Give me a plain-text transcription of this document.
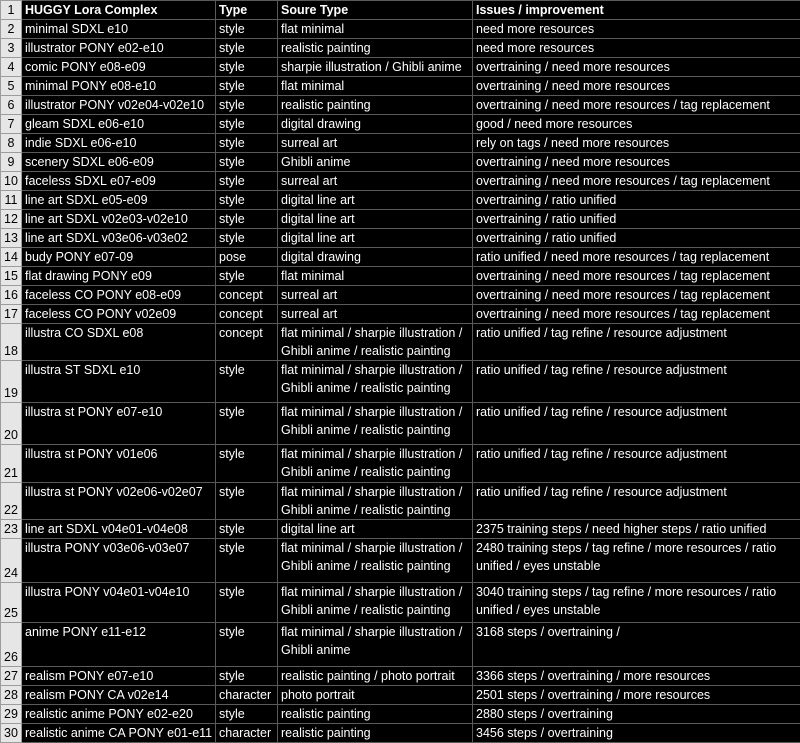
1	HUGGY Lora Complex	Type	Soure Type	Issues / improvement
2	minimal SDXL e10	style	flat minimal	need more resources
3	illustrator PONY e02-e10	style	realistic painting	need more resources
4	comic PONY e08-e09	style	sharpie illustration / Ghibli anime	overtraining / need more resources
5	minimal PONY e08-e10	style	flat minimal	overtraining / need more resources
6	illustrator PONY v02e04-v02e10	style	realistic painting	overtraining / need more resources / tag replacement
7	gleam SDXL e06-e10	style	digital drawing	good / need more resources
8	indie SDXL e06-e10	style	surreal art	rely on tags / need more resources
9	scenery SDXL e06-e09	style	Ghibli anime	overtraining / need more resources
10	faceless SDXL e07-e09	style	surreal art	overtraining / need more resources / tag replacement
11	line art SDXL e05-e09	style	digital line art	overtraining / ratio unified
12	line art SDXL v02e03-v02e10	style	digital line art	overtraining / ratio unified
13	line art SDXL v03e06-v03e02	style	digital line art	overtraining / ratio unified
14	budy PONY e07-09	pose	digital drawing	ratio unified / need more resources / tag replacement
15	flat drawing PONY e09	style	flat minimal	overtraining / need more resources / tag replacement
16	faceless CO PONY e08-e09	concept	surreal art	overtraining / need more resources / tag replacement
17	faceless CO PONY v02e09	concept	surreal art	overtraining / need more resources / tag replacement
18	illustra CO SDXL e08	concept	flat minimal / sharpie illustration / Ghibli anime / realistic painting	ratio unified / tag refine / resource adjustment
19	illustra ST SDXL e10	style	flat minimal / sharpie illustration / Ghibli anime / realistic painting	ratio unified / tag refine / resource adjustment
20	illustra st PONY e07-e10	style	flat minimal / sharpie illustration / Ghibli anime / realistic painting	ratio unified / tag refine / resource adjustment
21	illustra st PONY v01e06	style	flat minimal / sharpie illustration / Ghibli anime / realistic painting	ratio unified / tag refine / resource adjustment
22	illustra st PONY v02e06-v02e07	style	flat minimal / sharpie illustration / Ghibli anime / realistic painting	ratio unified / tag refine / resource adjustment
23	line art SDXL v04e01-v04e08	style	digital line art	2375 training steps / need higher steps / ratio unified
24	illustra PONY v03e06-v03e07	style	flat minimal / sharpie illustration / Ghibli anime / realistic painting	2480 training steps / tag refine / more resources / ratio unified / eyes unstable
25	illustra PONY v04e01-v04e10	style	flat minimal / sharpie illustration / Ghibli anime / realistic painting	3040 training steps / tag refine / more resources / ratio unified / eyes unstable
26	anime PONY e11-e12	style	flat minimal / sharpie illustration / Ghibli anime	3168 steps / overtraining /
27	realism PONY e07-e10	style	realistic painting / photo portrait	3366 steps / overtraining / more resources
28	realism PONY CA v02e14	character	photo portrait	2501 steps / overtraining / more resources
29	realistic anime PONY e02-e20	style	realistic painting	2880 steps / overtraining
30	realistic anime CA PONY e01-e11	character	realistic painting	3456 steps / overtraining
